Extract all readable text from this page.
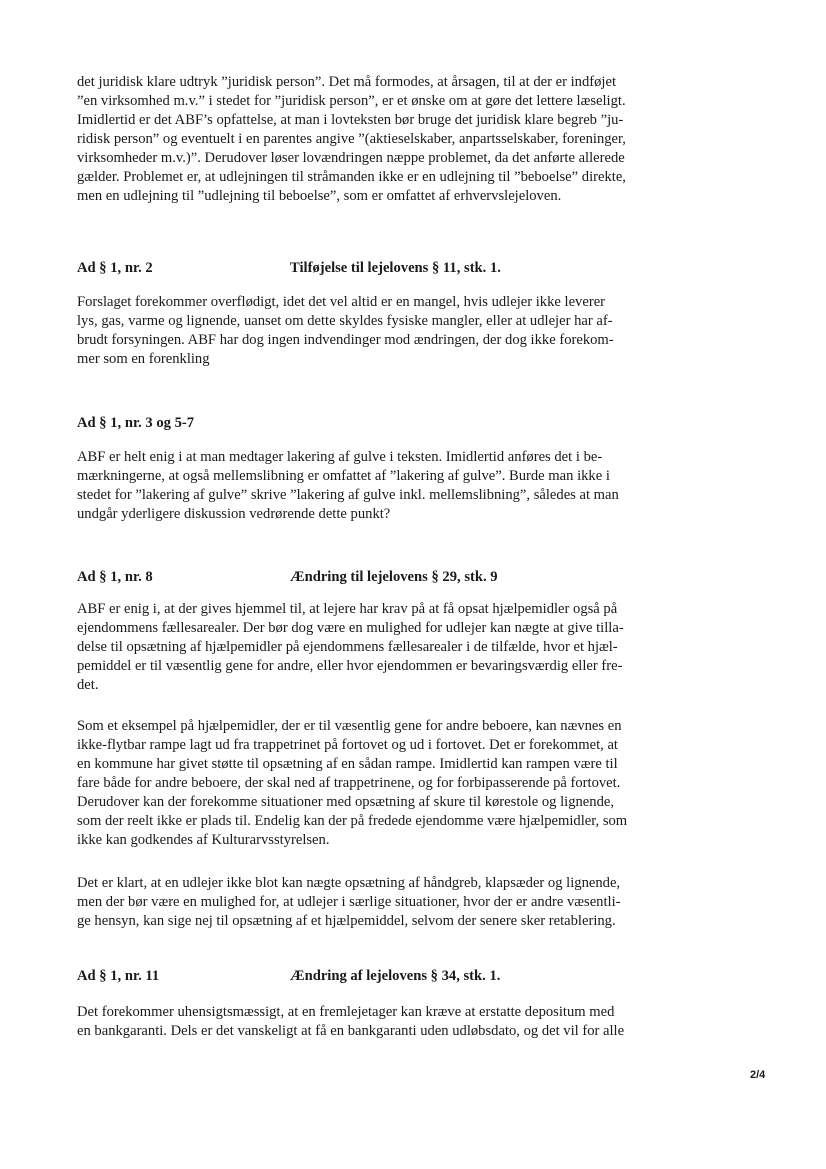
det juridisk klare udtryk ”juridisk person”. Det må formodes, at årsagen, til at der er indføjet
”en virksomhed m.v.” i stedet for ”juridisk person”, er et ønske om at gøre det lettere læseligt.
Imidlertid er det ABF’s opfattelse, at man i lovteksten bør bruge det juridisk klare begreb ”ju-
ridisk person” og eventuelt i en parentes angive ”(aktieselskaber, anpartsselskaber, foreninger,
virksomheder m.v.)”. Derudover løser lovændringen næppe problemet, da det anførte allerede
gælder. Problemet er, at udlejningen til stråmanden ikke er en udlejning til ”beboelse” direkte,
men en udlejning til ”udlejning til beboelse”, som er omfattet af erhvervslejeloven.
Ad § 1, nr. 2	Tilføjelse til lejelovens § 11, stk. 1.
Forslaget forekommer overflødigt, idet det vel altid er en mangel, hvis udlejer ikke leverer
lys, gas, varme og lignende, uanset om dette skyldes fysiske mangler, eller at udlejer har af-
brudt forsyningen. ABF har dog ingen indvendinger mod ændringen, der dog ikke forekom-
mer som en forenkling
Ad § 1, nr. 3 og 5-7
ABF er helt enig i at man medtager lakering af gulve i teksten. Imidlertid anføres det i be-
mærkningerne, at også mellemslibning er omfattet af ”lakering af gulve”. Burde man ikke i
stedet for ”lakering af gulve” skrive ”lakering af gulve inkl. mellemslibning”, således at man
undgår yderligere diskussion vedrørende dette punkt?
Ad § 1, nr. 8	Ændring til lejelovens § 29, stk. 9
ABF er enig i, at der gives hjemmel til, at lejere har krav på at få opsat hjælpemidler også på
ejendommens fællesarealer. Der bør dog være en mulighed for udlejer kan nægte at give tilla-
delse til opsætning af hjælpemidler på ejendommens fællesarealer i de tilfælde, hvor et hjæl-
pemiddel er til væsentlig gene for andre, eller hvor ejendommen er bevaringsværdig eller fre-
det.
Som et eksempel på hjælpemidler, der er til væsentlig gene for andre beboere, kan nævnes en
ikke-flytbar rampe lagt ud fra trappetrinet på fortovet og ud i fortovet. Det er forekommet, at
en kommune har givet støtte til opsætning af en sådan rampe. Imidlertid kan rampen være til
fare både for andre beboere, der skal ned af trappetrinene, og for forbipasserende på fortovet.
Derudover kan der forekomme situationer med opsætning af skure til kørestole og lignende,
som der reelt ikke er plads til. Endelig kan der på fredede ejendomme være hjælpemidler, som
ikke kan godkendes af Kulturarvsstyrelsen.
Det er klart, at en udlejer ikke blot kan nægte opsætning af håndgreb, klapsæder og lignende,
men der bør være en mulighed for, at udlejer i særlige situationer, hvor der er andre væsentli-
ge hensyn, kan sige nej til opsætning af et hjælpemiddel, selvom der senere sker retablering.
Ad § 1, nr. 11	Ændring af lejelovens § 34, stk. 1.
Det forekommer uhensigtsmæssigt, at en fremlejetager kan kræve at erstatte depositum med
en bankgaranti. Dels er det vanskeligt at få en bankgaranti uden udløbsdato, og det vil for alle
2/4
